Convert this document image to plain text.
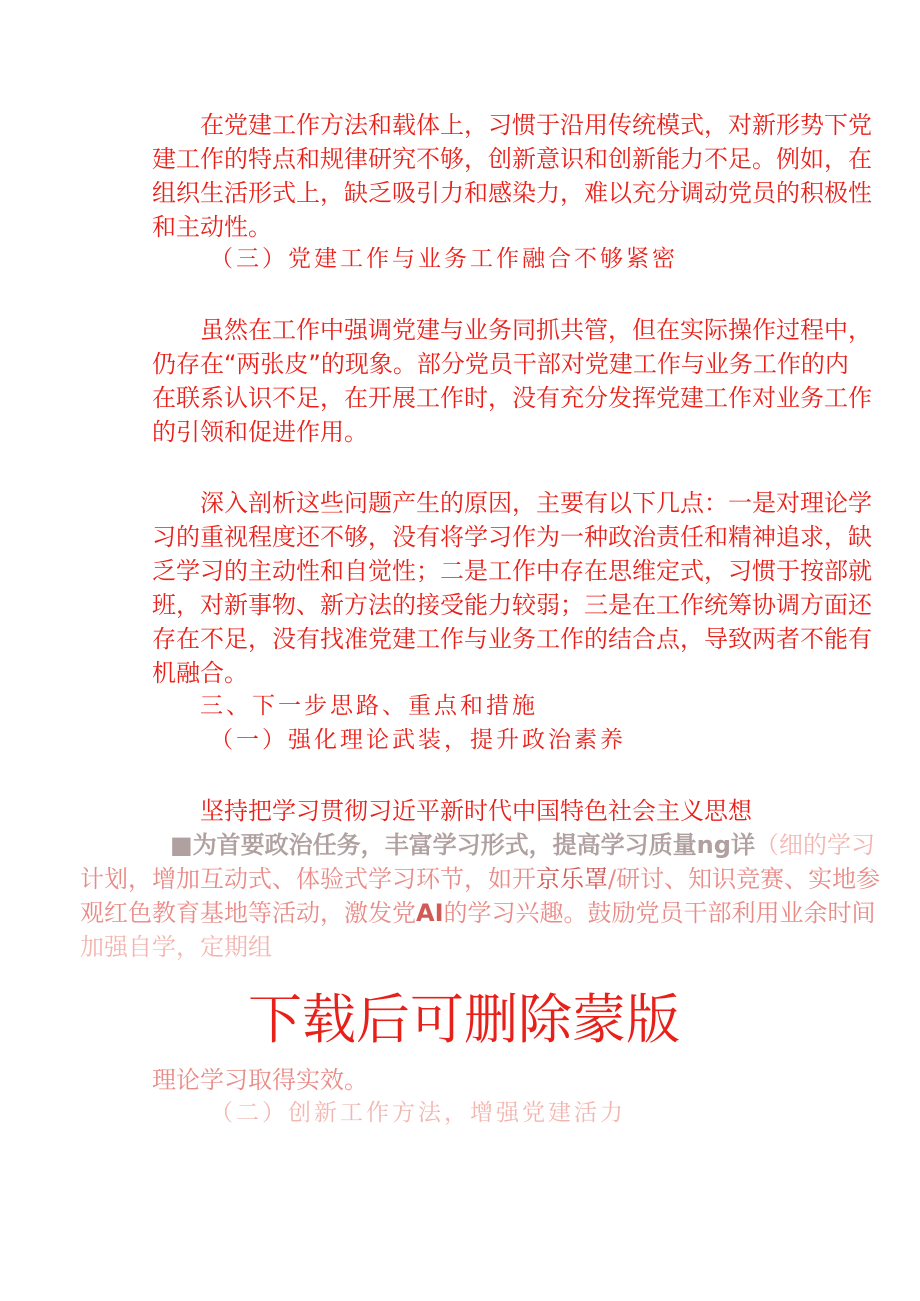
在党建工作方法和载体上，习惯于沿用传统模式，对新形势下党

建工作的特点和规律研究不够，创新意识和创新能力不足。例如，在

组织生活形式上，缺乏吸引力和感染力，难以充分调动党员的积极性

和主动性。

（三）党建工作与业务工作融合不够紧密

虽然在工作中强调党建与业务同抓共管，但在实际操作过程中，

仍存在“两张皮”的现象。部分党员干部对党建工作与业务工作的内

在联系认识不足，在开展工作时，没有充分发挥党建工作对业务工作

的引领和促进作用。

深入剖析这些问题产生的原因，主要有以下几点：一是对理论学

习的重视程度还不够，没有将学习作为一种政治责任和精神追求，缺

乏学习的主动性和自觉性；二是工作中存在思维定式，习惯于按部就

班，对新事物、新方法的接受能力较弱；三是在工作统筹协调方面还

存在不足，没有找准党建工作与业务工作的结合点，导致两者不能有

机融合。

三、下一步思路、重点和措施

（一）强化理论武装，提升政治素养

坚持把学习贯彻习近平新时代中国特色社会主义思想

■为首要政治任务，丰富学习形式，提高学习质量ng详（细的学习

计划，增加互动式、体验式学习环节，如开京乐罩/研讨、知识竞赛、实地参

观红色教育基地等活动，激发党AI的学习兴趣。鼓励党员干部利用业余时间

加强自学，定期组

下载后可删除蒙版

理论学习取得实效。

（二）创新工作方法，增强党建活力
